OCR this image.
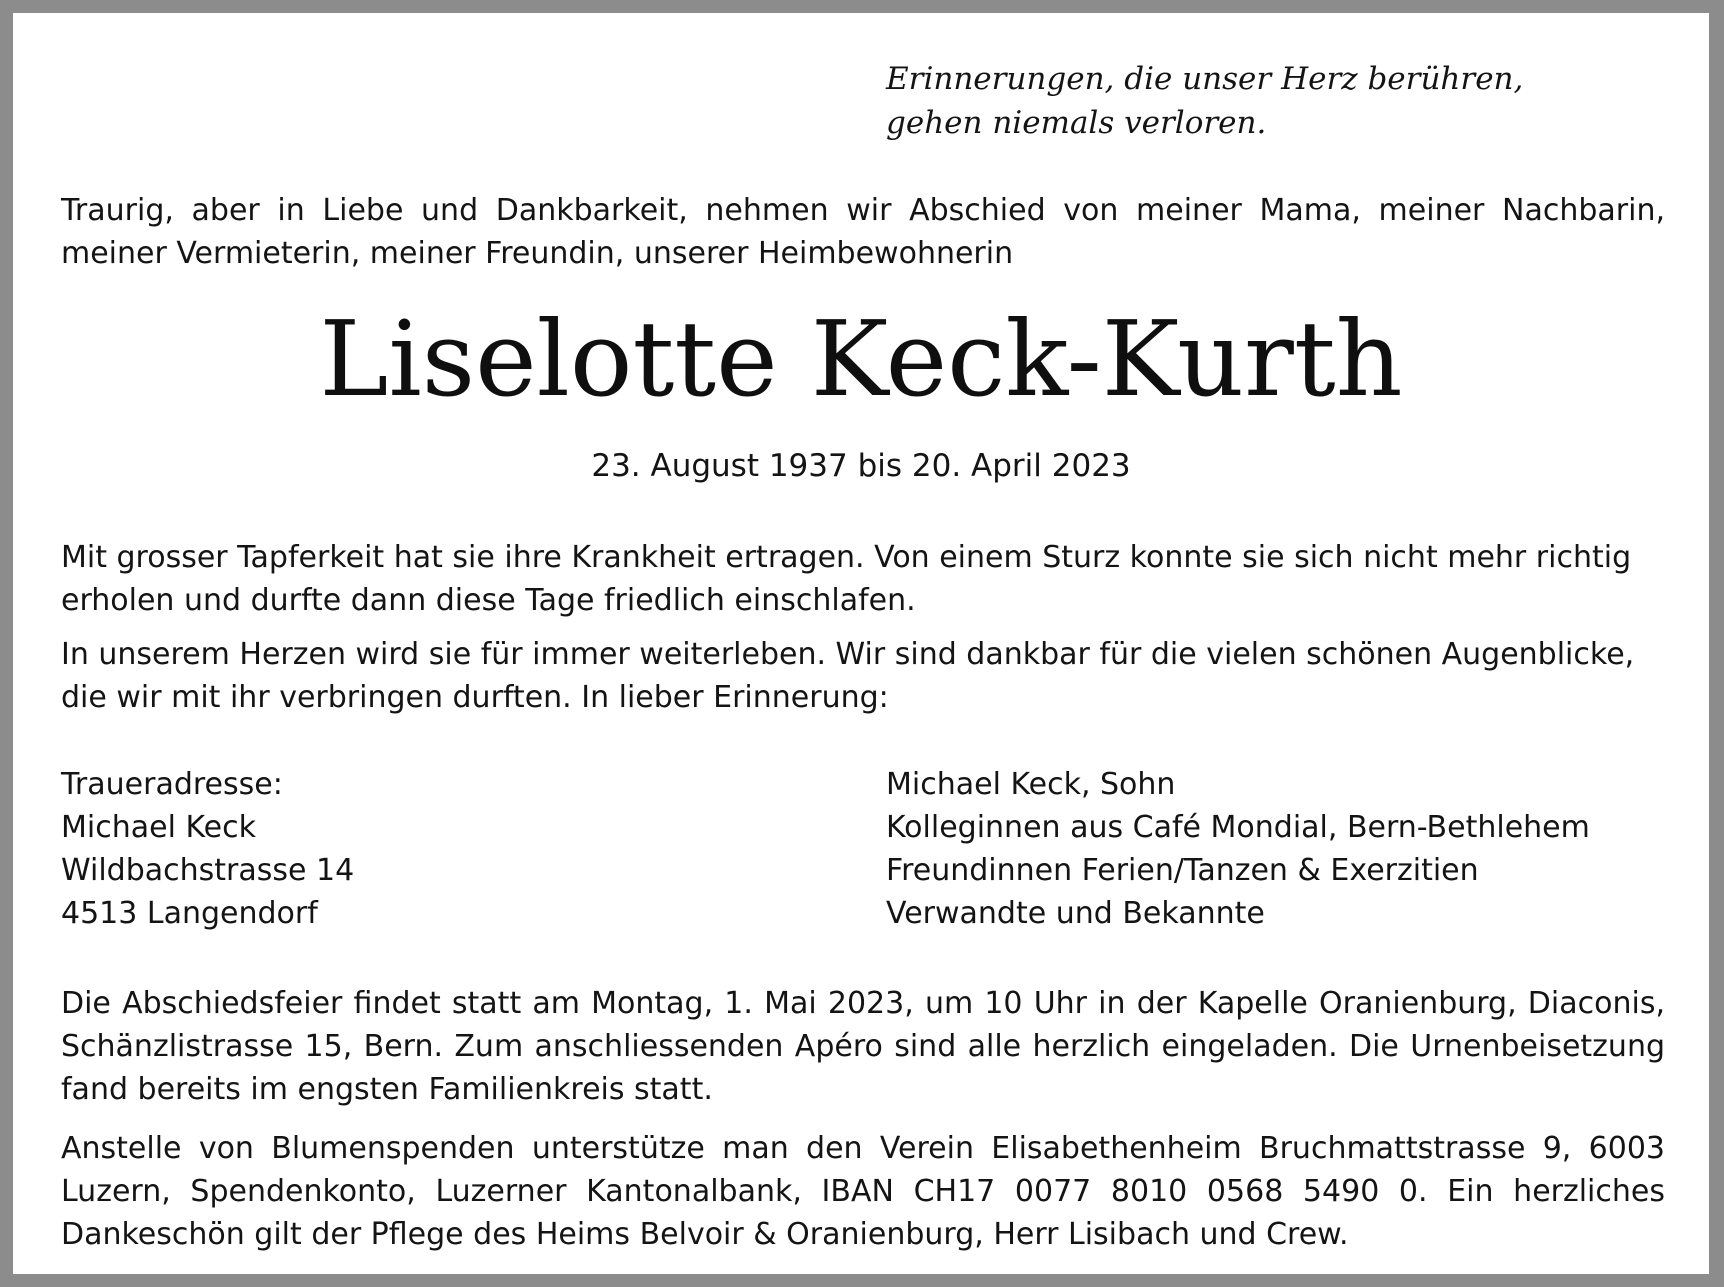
Erinnerungen, die unser Herz berühren,
gehen niemals verloren.
Traurig, aber in Liebe und Dankbarkeit, nehmen wir Abschied von meiner Mama, meiner Nachbarin, meiner Vermieterin, meiner Freundin, unserer Heimbewohnerin
Liselotte Keck-Kurth
23. August 1937 bis 20. April 2023
Mit grosser Tapferkeit hat sie ihre Krankheit ertragen. Von einem Sturz konnte sie sich nicht mehr richtig erholen und durfte dann diese Tage friedlich einschlafen.
In unserem Herzen wird sie für immer weiterleben. Wir sind dankbar für die vielen schönen Augenblicke, die wir mit ihr verbringen durften. In lieber Erinnerung:
Traueradresse:
Michael Keck
Wildbachstrasse 14
4513 Langendorf
Michael Keck, Sohn
Kolleginnen aus Café Mondial, Bern-Bethlehem
Freundinnen Ferien/Tanzen & Exerzitien
Verwandte und Bekannte
Die Abschiedsfeier findet statt am Montag, 1. Mai 2023, um 10 Uhr in der Kapelle Oranienburg, Diaconis, Schänzlistrasse 15, Bern. Zum anschliessenden Apéro sind alle herzlich eingeladen. Die Urnenbeisetzung fand bereits im engsten Familienkreis statt.
Anstelle von Blumenspenden unterstütze man den Verein Elisabethenheim Bruchmattstrasse 9, 6003 Luzern, Spendenkonto, Luzerner Kantonalbank, IBAN CH17 0077 8010 0568 5490 0. Ein herzliches Dankeschön gilt der Pflege des Heims Belvoir & Oranienburg, Herr Lisibach und Crew.
